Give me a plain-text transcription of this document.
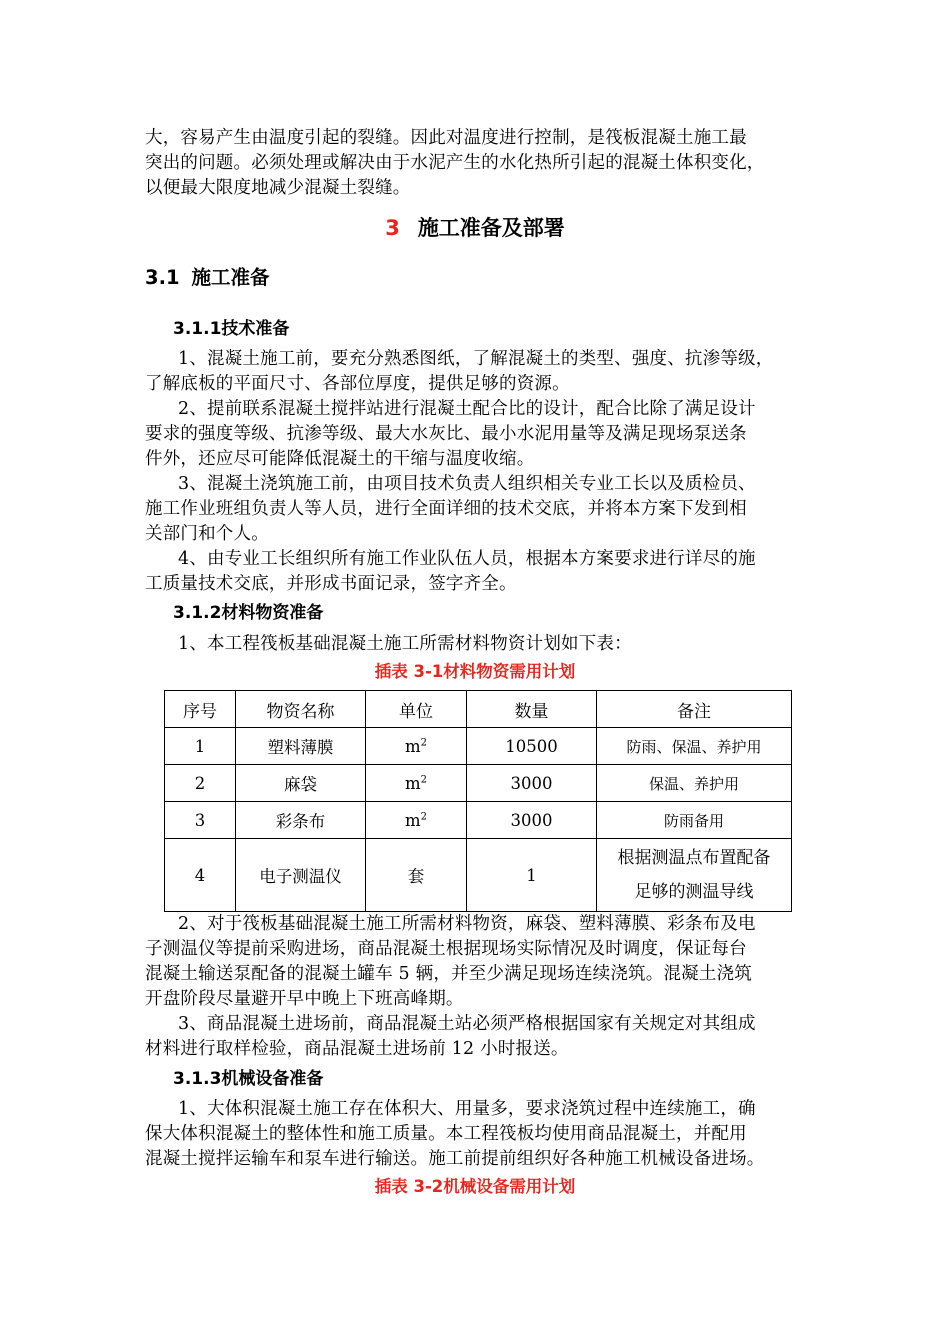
大，容易产生由温度引起的裂缝。因此对温度进行控制，是筏板混凝土施工最
突出的问题。必须处理或解决由于水泥产生的水化热所引起的混凝土体积变化，
以便最大限度地减少混凝土裂缝。
3 施工准备及部署
3.1 施工准备
3.1.1技术准备
1、混凝土施工前，要充分熟悉图纸，了解混凝土的类型、强度、抗渗等级，
了解底板的平面尺寸、各部位厚度，提供足够的资源。
2、提前联系混凝土搅拌站进行混凝土配合比的设计，配合比除了满足设计
要求的强度等级、抗渗等级、最大水灰比、最小水泥用量等及满足现场泵送条
件外，还应尽可能降低混凝土的干缩与温度收缩。
3、混凝土浇筑施工前，由项目技术负责人组织相关专业工长以及质检员、
施工作业班组负责人等人员，进行全面详细的技术交底，并将本方案下发到相
关部门和个人。
4、由专业工长组织所有施工作业队伍人员，根据本方案要求进行详尽的施
工质量技术交底，并形成书面记录，签字齐全。
3.1.2材料物资准备
1、本工程筏板基础混凝土施工所需材料物资计划如下表：
插表 3-1材料物资需用计划
序号	物资名称	单位	数量	备注
1	塑料薄膜	$m^2$	10500	防雨、保温、养护用
2	麻袋	$m^2$	3000	保温、养护用
3	彩条布	$m^2$	3000	防雨备用
4	电子测温仪	套	1	根据测温点布置配备
足够的测温导线
2、对于筏板基础混凝土施工所需材料物资，麻袋、塑料薄膜、彩条布及电
子测温仪等提前采购进场，商品混凝土根据现场实际情况及时调度，保证每台
混凝土输送泵配备的混凝土罐车 5 辆，并至少满足现场连续浇筑。混凝土浇筑
开盘阶段尽量避开早中晚上下班高峰期。
3、商品混凝土进场前，商品混凝土站必须严格根据国家有关规定对其组成
材料进行取样检验，商品混凝土进场前 12 小时报送。
3.1.3机械设备准备
1、大体积混凝土施工存在体积大、用量多，要求浇筑过程中连续施工，确
保大体积混凝土的整体性和施工质量。本工程筏板均使用商品混凝土，并配用
混凝土搅拌运输车和泵车进行输送。施工前提前组织好各种施工机械设备进场。
插表 3-2机械设备需用计划
